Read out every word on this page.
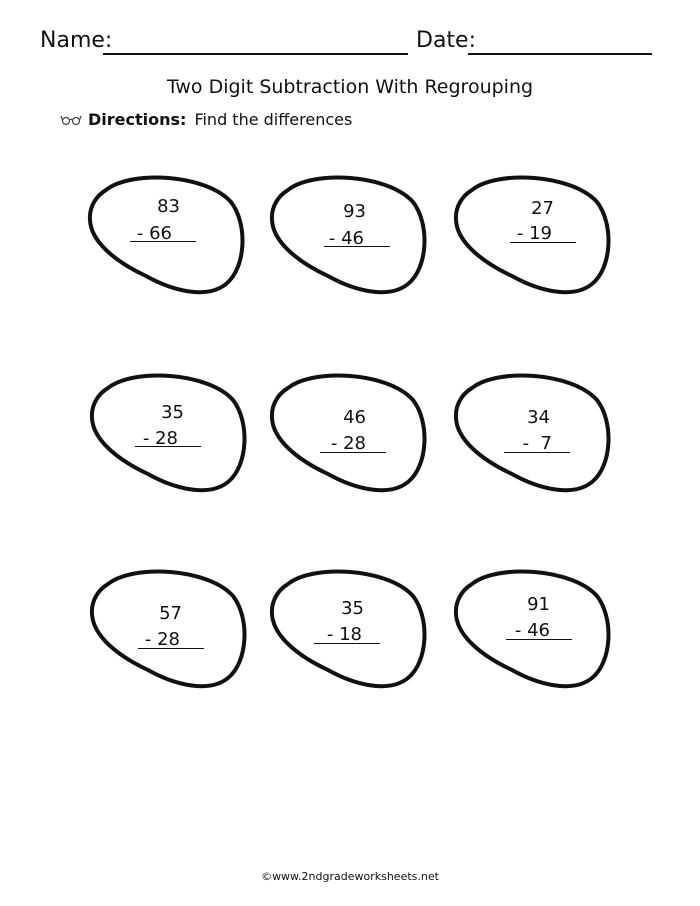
Name:	Date:
Two Digit Subtraction With Regrouping
Directions: Find the differences
83
- 66
93
- 46
27
- 19
35
- 28
46
- 28
34
-  7
57
- 28
35
- 18
91
- 46
©www.2ndgradeworksheets.net
